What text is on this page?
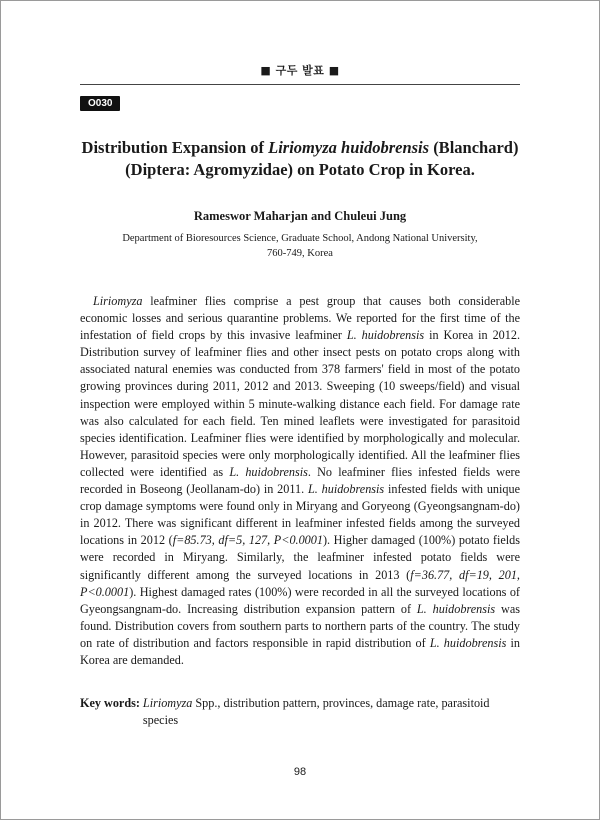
■ 구두 발표 ■
O030
Distribution Expansion of Liriomyza huidobrensis (Blanchard) (Diptera: Agromyzidae) on Potato Crop in Korea.
Rameswor Maharjan and Chuleui Jung
Department of Bioresources Science, Graduate School, Andong National University,
760-749, Korea

Liriomyza leafminer flies comprise a pest group that causes both considerable economic losses and serious quarantine problems. We reported for the first time of the infestation of field crops by this invasive leafminer L. huidobrensis in Korea in 2012. Distribution survey of leafminer flies and other insect pests on potato crops along with associated natural enemies was conducted from 378 farmers' field in most of the potato growing provinces during 2011, 2012 and 2013. Sweeping (10 sweeps/field) and visual inspection were employed within 5 minute-walking distance each field. For damage rate was also calculated for each field. Ten mined leaflets were investigated for parasitoid species identification. Leafminer flies were identified by morphologically and molecular. However, parasitoid species were only morphologically identified. All the leafminer flies collected were identified as L. huidobrensis. No leafminer flies infested fields were recorded in Boseong (Jeollanam-do) in 2011. L. huidobrensis infested fields with unique crop damage symptoms were found only in Miryang and Goryeong (Gyeongsangnam-do) in 2012. There was significant different in leafminer infested fields among the surveyed locations in 2012 (f=85.73, df=5, 127, P<0.0001). Higher damaged (100%) potato fields were recorded in Miryang. Similarly, the leafminer infested potato fields were significantly different among the surveyed locations in 2013 (f=36.77, df=19, 201, P<0.0001). Highest damaged rates (100%) were recorded in all the surveyed locations of Gyeongsangnam-do. Increasing distribution expansion pattern of L. huidobrensis was found. Distribution covers from southern parts to northern parts of the country. The study on rate of distribution and factors responsible in rapid distribution of L. huidobrensis in Korea are demanded.

Key words: Liriomyza Spp., distribution pattern, provinces, damage rate, parasitoid species
98
